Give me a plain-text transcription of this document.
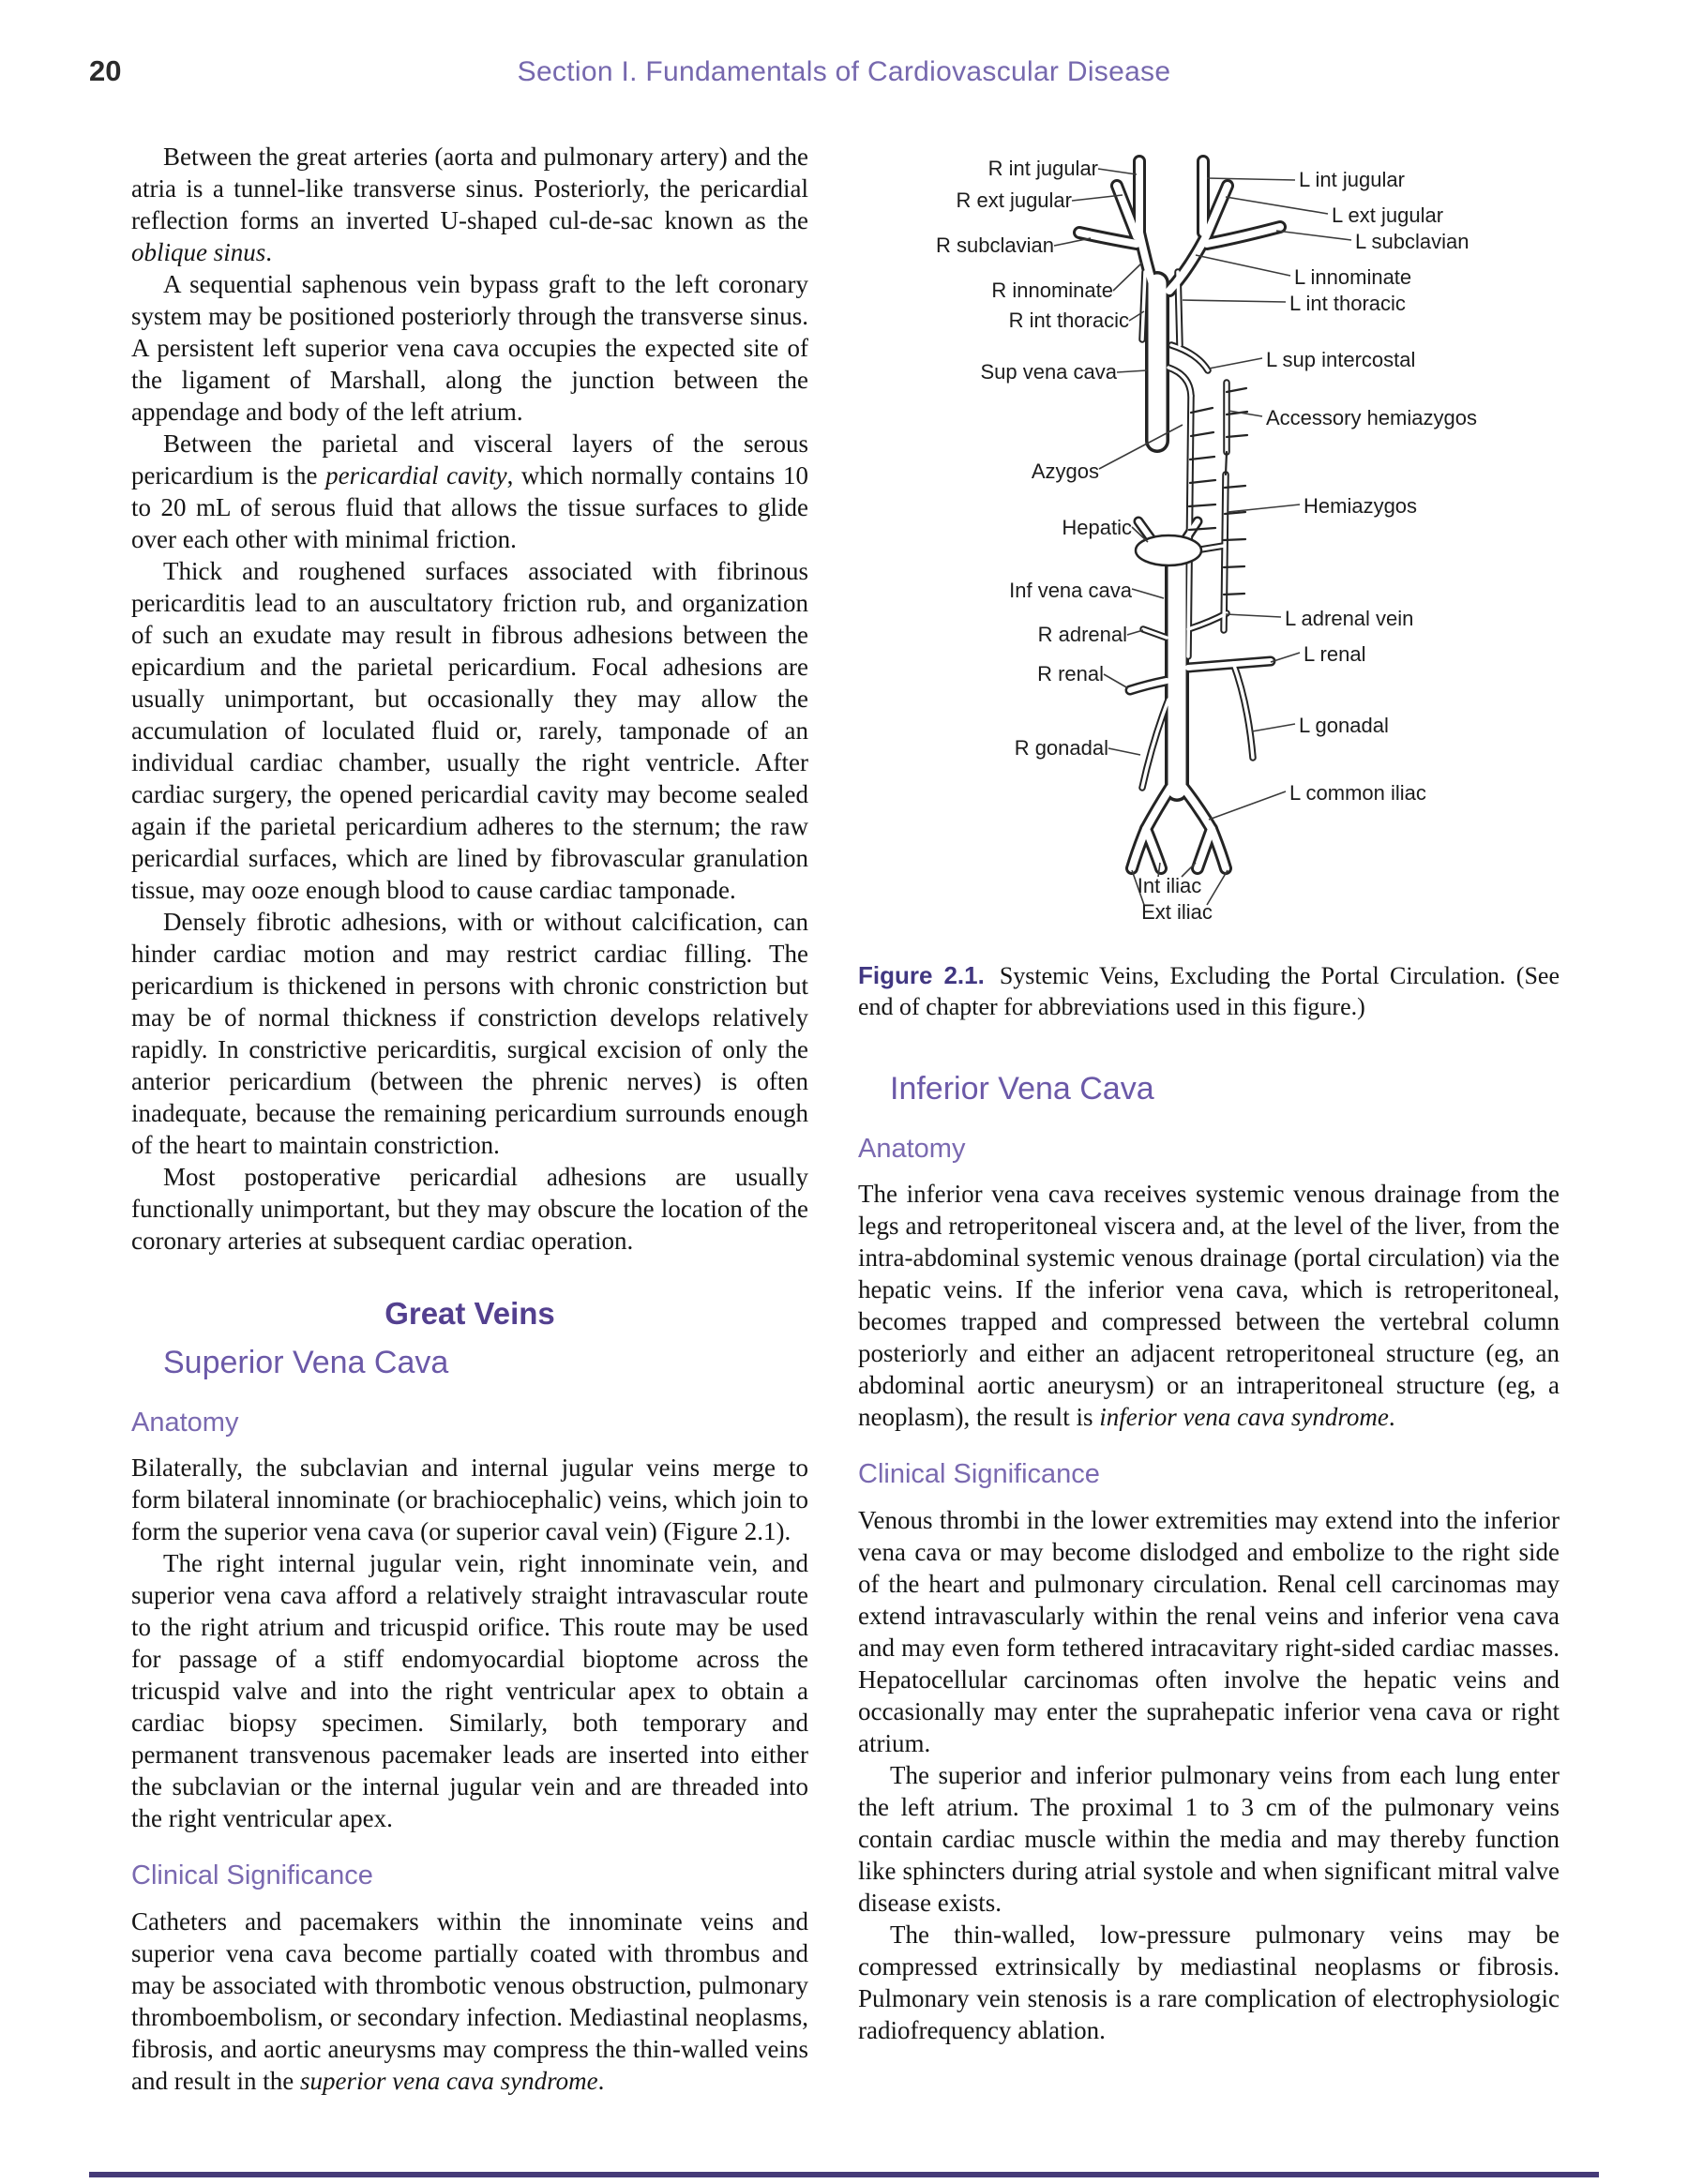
20	Section I. Fundamentals of Cardiovascular Disease

Between the great arteries (aorta and pulmonary artery) and the atria is a tunnel-like transverse sinus. Posteriorly, the pericardial reflection forms an inverted U-shaped cul-de-sac known as the oblique sinus.

A sequential saphenous vein bypass graft to the left coronary system may be positioned posteriorly through the transverse sinus. A persistent left superior vena cava occupies the expected site of the ligament of Marshall, along the junction between the appendage and body of the left atrium.

Between the parietal and visceral layers of the serous pericardium is the pericardial cavity, which normally contains 10 to 20 mL of serous fluid that allows the tissue surfaces to glide over each other with minimal friction.

Thick and roughened surfaces associated with fibrinous pericarditis lead to an auscultatory friction rub, and organization of such an exudate may result in fibrous adhesions between the epicardium and the parietal pericardium. Focal adhesions are usually unimportant, but occasionally they may allow the accumulation of loculated fluid or, rarely, tamponade of an individual cardiac chamber, usually the right ventricle. After cardiac surgery, the opened pericardial cavity may become sealed again if the parietal pericardium adheres to the sternum; the raw pericardial surfaces, which are lined by fibrovascular granulation tissue, may ooze enough blood to cause cardiac tamponade.

Densely fibrotic adhesions, with or without calcification, can hinder cardiac motion and may restrict cardiac filling. The pericardium is thickened in persons with chronic constriction but may be of normal thickness if constriction develops relatively rapidly. In constrictive pericarditis, surgical excision of only the anterior pericardium (between the phrenic nerves) is often inadequate, because the remaining pericardium surrounds enough of the heart to maintain constriction.

Most postoperative pericardial adhesions are usually functionally unimportant, but they may obscure the location of the coronary arteries at subsequent cardiac operation.

Great Veins
Superior Vena Cava
Anatomy

Bilaterally, the subclavian and internal jugular veins merge to form bilateral innominate (or brachiocephalic) veins, which join to form the superior vena cava (or superior caval vein) (Figure 2.1).

The right internal jugular vein, right innominate vein, and superior vena cava afford a relatively straight intravascular route to the right atrium and tricuspid orifice. This route may be used for passage of a stiff endomyocardial bioptome across the tricuspid valve and into the right ventricular apex to obtain a cardiac biopsy specimen. Similarly, both temporary and permanent transvenous pacemaker leads are inserted into either the subclavian or the internal jugular vein and are threaded into the right ventricular apex.

Clinical Significance

Catheters and pacemakers within the innominate veins and superior vena cava become partially coated with thrombus and may be associated with thrombotic venous obstruction, pulmonary thromboembolism, or secondary infection. Mediastinal neoplasms, fibrosis, and aortic aneurysms may compress the thin-walled veins and result in the superior vena cava syndrome.

R int jugular
R ext jugular
R subclavian
R innominate
R int thoracic
Sup vena cava
Azygos
Hepatic
Inf vena cava
R adrenal
R renal
R gonadal
Int iliac
Ext iliac
L int jugular
L ext jugular
L subclavian
L innominate
L int thoracic
L sup intercostal
Accessory hemiazygos
Hemiazygos
L adrenal vein
L renal
L gonadal
L common iliac
Figure 2.1. Systemic Veins, Excluding the Portal Circulation. (See end of chapter for abbreviations used in this figure.)
Inferior Vena Cava
Anatomy

The inferior vena cava receives systemic venous drainage from the legs and retroperitoneal viscera and, at the level of the liver, from the intra-abdominal systemic venous drainage (portal circulation) via the hepatic veins. If the inferior vena cava, which is retroperitoneal, becomes trapped and compressed between the vertebral column posteriorly and either an adjacent retroperitoneal structure (eg, an abdominal aortic aneurysm) or an intraperitoneal structure (eg, a neoplasm), the result is inferior vena cava syndrome.

Clinical Significance

Venous thrombi in the lower extremities may extend into the inferior vena cava or may become dislodged and embolize to the right side of the heart and pulmonary circulation. Renal cell carcinomas may extend intravascularly within the renal veins and inferior vena cava and may even form tethered intracavitary right-sided cardiac masses. Hepatocellular carcinomas often involve the hepatic veins and occasionally may enter the suprahepatic inferior vena cava or right atrium.

The superior and inferior pulmonary veins from each lung enter the left atrium. The proximal 1 to 3 cm of the pulmonary veins contain cardiac muscle within the media and may thereby function like sphincters during atrial systole and when significant mitral valve disease exists.

The thin-walled, low-pressure pulmonary veins may be compressed extrinsically by mediastinal neoplasms or fibrosis. Pulmonary vein stenosis is a rare complication of electrophysiologic radiofrequency ablation.
